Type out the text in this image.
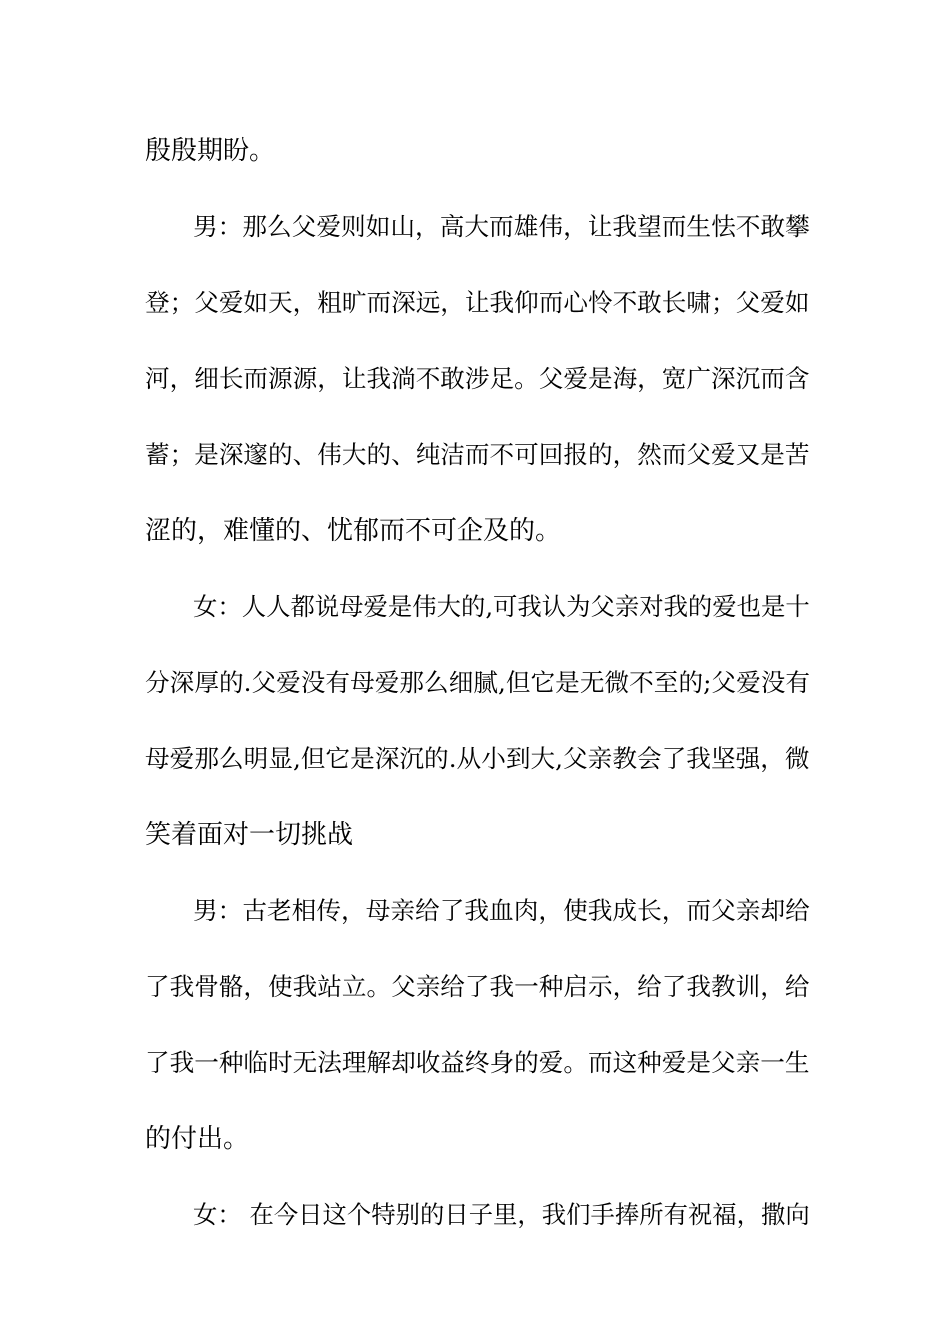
殷殷期盼。
男：那么父爱则如山，高大而雄伟，让我望而生怯不敢攀
登；父爱如天，粗旷而深远，让我仰而心怜不敢长啸；父爱如
河，细长而源源，让我淌不敢涉足。父爱是海，宽广深沉而含
蓄；是深邃的、伟大的、纯洁而不可回报的，然而父爱又是苦
涩的，难懂的、忧郁而不可企及的。
女：人人都说母爱是伟大的,可我认为父亲对我的爱也是十
分深厚的.父爱没有母爱那么细腻,但它是无微不至的;父爱没有
母爱那么明显,但它是深沉的.从小到大,父亲教会了我坚强，微
笑着面对一切挑战
男：古老相传，母亲给了我血肉，使我成长，而父亲却给
了我骨骼，使我站立。父亲给了我一种启示，给了我教训，给
了我一种临时无法理解却收益终身的爱。而这种爱是父亲一生
的付出。
女： 在今日这个特别的日子里，我们手捧所有祝福，撒向
